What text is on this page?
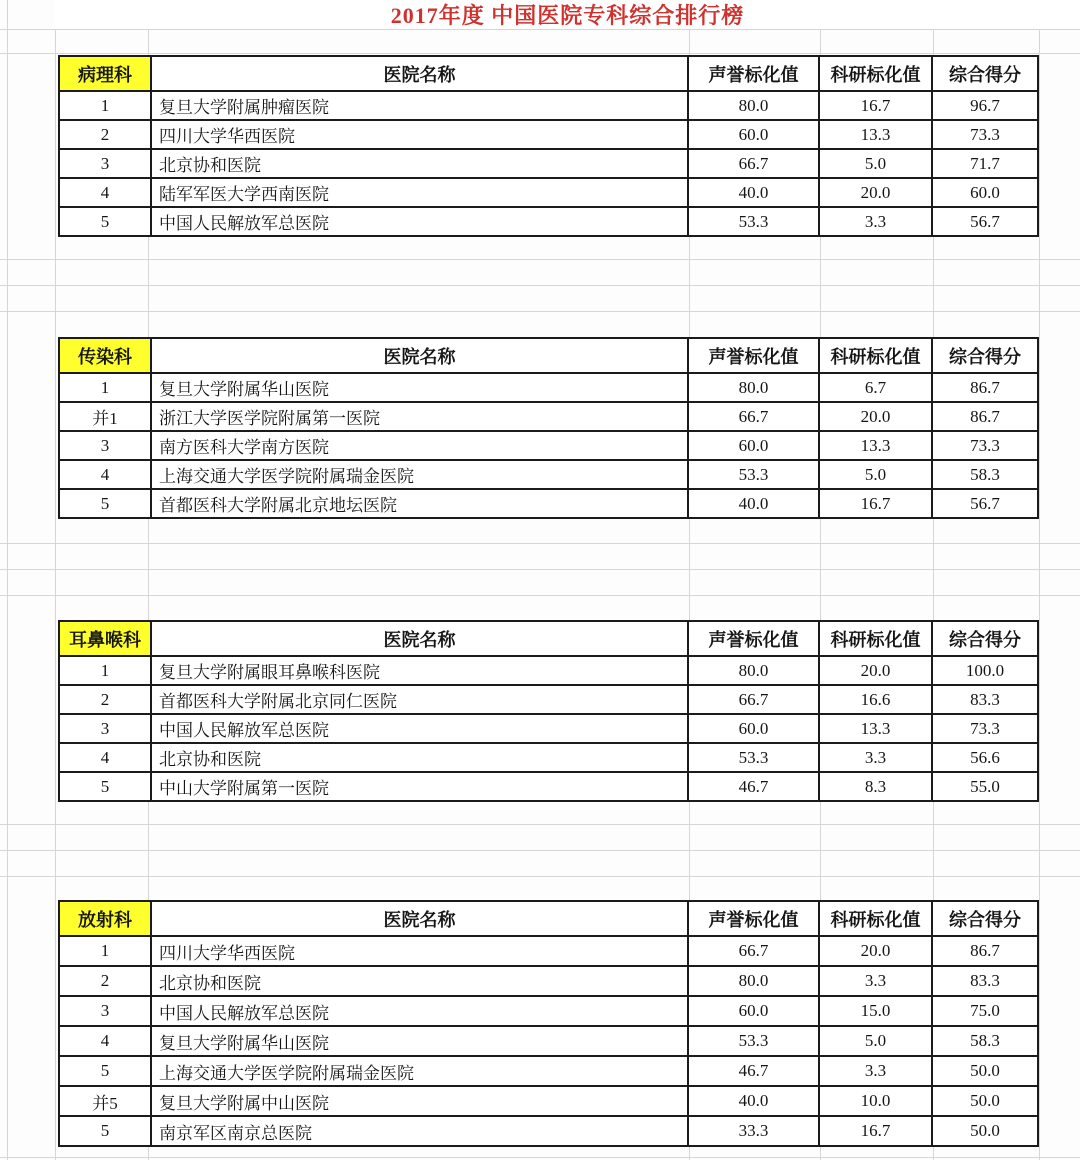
2017年度 中国医院专科综合排行榜
病理科	医院名称	声誉标化值	科研标化值	综合得分
1	复旦大学附属肿瘤医院	80.0	16.7	96.7
2	四川大学华西医院	60.0	13.3	73.3
3	北京协和医院	66.7	5.0	71.7
4	陆军军医大学西南医院	40.0	20.0	60.0
5	中国人民解放军总医院	53.3	3.3	56.7
传染科	医院名称	声誉标化值	科研标化值	综合得分
1	复旦大学附属华山医院	80.0	6.7	86.7
并1	浙江大学医学院附属第一医院	66.7	20.0	86.7
3	南方医科大学南方医院	60.0	13.3	73.3
4	上海交通大学医学院附属瑞金医院	53.3	5.0	58.3
5	首都医科大学附属北京地坛医院	40.0	16.7	56.7
耳鼻喉科	医院名称	声誉标化值	科研标化值	综合得分
1	复旦大学附属眼耳鼻喉科医院	80.0	20.0	100.0
2	首都医科大学附属北京同仁医院	66.7	16.6	83.3
3	中国人民解放军总医院	60.0	13.3	73.3
4	北京协和医院	53.3	3.3	56.6
5	中山大学附属第一医院	46.7	8.3	55.0
放射科	医院名称	声誉标化值	科研标化值	综合得分
1	四川大学华西医院	66.7	20.0	86.7
2	北京协和医院	80.0	3.3	83.3
3	中国人民解放军总医院	60.0	15.0	75.0
4	复旦大学附属华山医院	53.3	5.0	58.3
5	上海交通大学医学院附属瑞金医院	46.7	3.3	50.0
并5	复旦大学附属中山医院	40.0	10.0	50.0
5	南京军区南京总医院	33.3	16.7	50.0
